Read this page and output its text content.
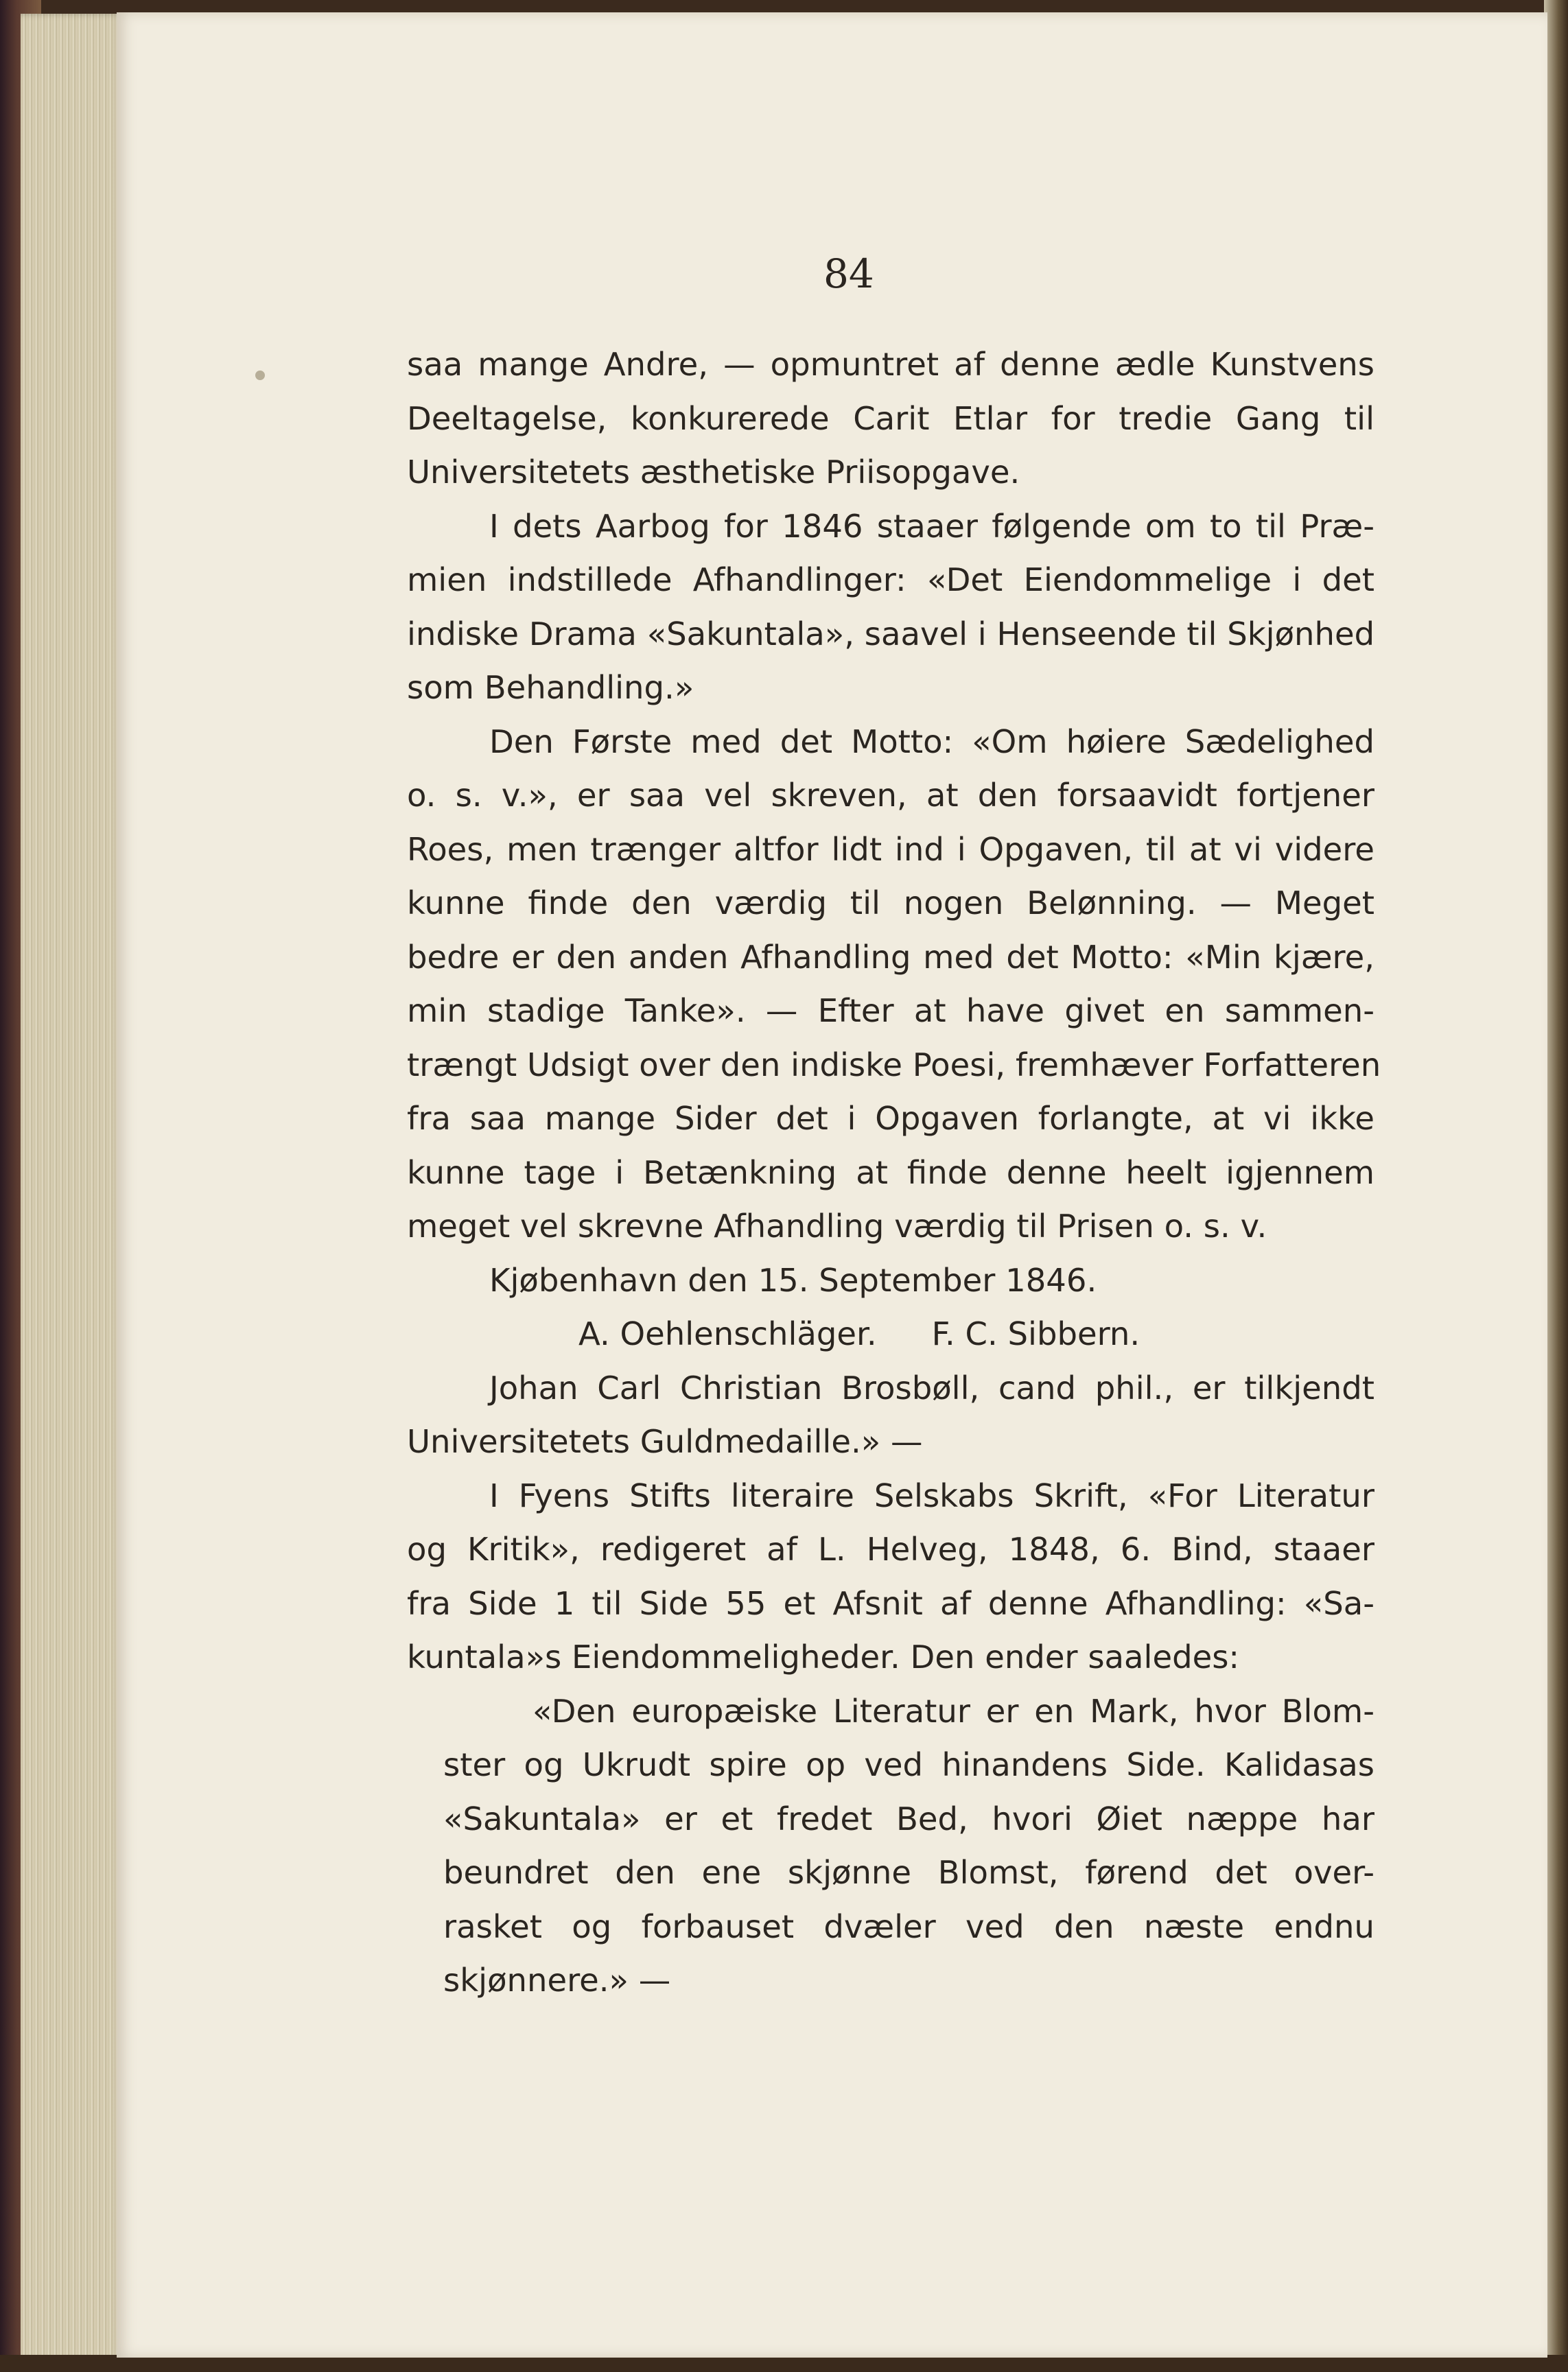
84
saa mange Andre, — opmuntret af denne ædle Kunstvens
Deeltagelse, konkurerede Carit Etlar for tredie Gang til
Universitetets æsthetiske Priisopgave.
I dets Aarbog for 1846 staaer følgende om to til Præ-
mien indstillede Afhandlinger: «Det Eiendommelige i det
indiske Drama «Sakuntala», saavel i Henseende til Skjønhed
som Behandling.»
Den Første med det Motto: «Om høiere Sædelighed
o. s. v.», er saa vel skreven, at den forsaavidt fortjener
Roes, men trænger altfor lidt ind i Opgaven, til at vi videre
kunne finde den værdig til nogen Belønning. — Meget
bedre er den anden Afhandling med det Motto: «Min kjære,
min stadige Tanke». — Efter at have givet en sammen-
trængt Udsigt over den indiske Poesi, fremhæver Forfatteren
fra saa mange Sider det i Opgaven forlangte, at vi ikke
kunne tage i Betænkning at finde denne heelt igjennem
meget vel skrevne Afhandling værdig til Prisen o. s. v.
Kjøbenhavn den 15. September 1846.
A. Oehlenschläger. F. C. Sibbern.
Johan Carl Christian Brosbøll, cand phil., er tilkjendt
Universitetets Guldmedaille.» —
I Fyens Stifts literaire Selskabs Skrift, «For Literatur
og Kritik», redigeret af L. Helveg, 1848, 6. Bind, staaer
fra Side 1 til Side 55 et Afsnit af denne Afhandling: «Sa-
kuntala»s Eiendommeligheder. Den ender saaledes:
«Den europæiske Literatur er en Mark, hvor Blom-
ster og Ukrudt spire op ved hinandens Side. Kalidasas
«Sakuntala» er et fredet Bed, hvori Øiet næppe har
beundret den ene skjønne Blomst, førend det over-
rasket og forbauset dvæler ved den næste endnu
skjønnere.» —
